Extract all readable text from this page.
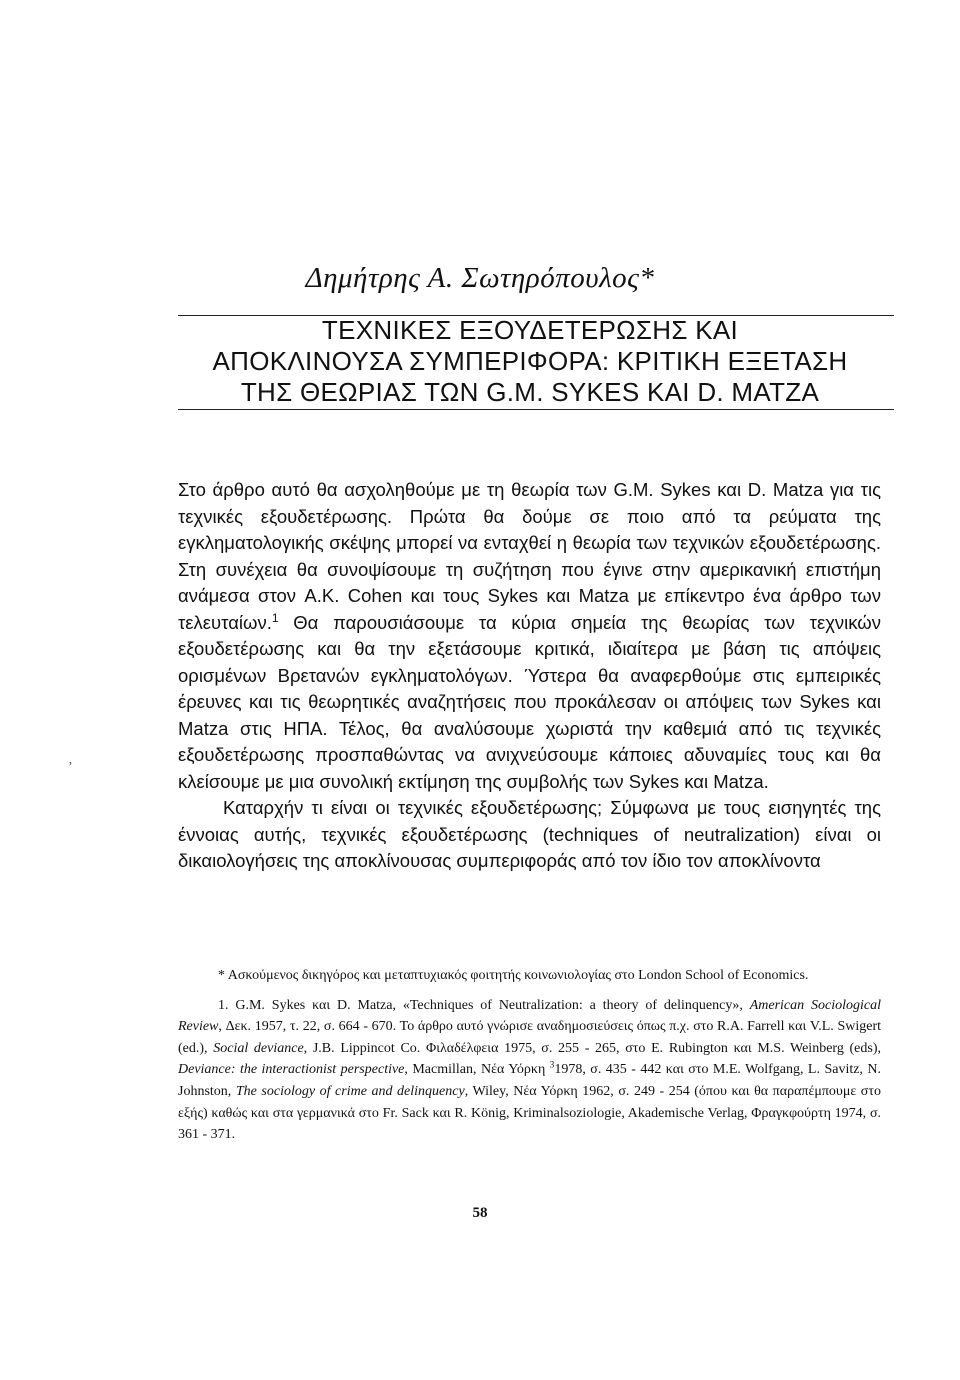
Δημήτρης Α. Σωτηρόπουλος*
ΤΕΧΝΙΚΕΣ ΕΞΟΥΔΕΤΕΡΩΣΗΣ ΚΑΙ
ΑΠΟΚΛΙΝΟΥΣΑ ΣΥΜΠΕΡΙΦΟΡΑ: ΚΡΙΤΙΚΗ ΕΞΕΤΑΣΗ
ΤΗΣ ΘΕΩΡΙΑΣ ΤΩΝ G.M. SYKES ΚΑΙ D. ΜΑΤΖΑ

Στο άρθρο αυτό θα ασχοληθούμε με τη θεωρία των G.M. Sykes και D. Matza για τις τεχνικές εξουδετέρωσης. Πρώτα θα δούμε σε ποιο από τα ρεύματα της εγκληματολογικής σκέψης μπορεί να ενταχθεί η θεωρία των τεχνικών εξουδετέρωσης. Στη συνέχεια θα συνοψίσουμε τη συζήτηση που έγινε στην αμερικανική επιστήμη ανάμεσα στον A.K. Cohen και τους Sykes και Matza με επίκεντρο ένα άρθρο των τελευταίων.$^1$ Θα παρουσιάσουμε τα κύρια σημεία της θεωρίας των τεχνικών εξουδετέρωσης και θα την εξετάσουμε κριτικά, ιδιαίτερα με βάση τις απόψεις ορισμένων Βρετανών εγκληματολόγων. Ύστερα θα αναφερθούμε στις εμπειρικές έρευνες και τις θεωρητικές αναζητήσεις που προκάλεσαν οι απόψεις των Sykes και Matza στις ΗΠΑ. Τέλος, θα αναλύσουμε χωριστά την καθεμιά από τις τεχνικές εξουδετέρωσης προσπαθώντας να ανιχνεύσουμε κάποιες αδυναμίες τους και θα κλείσουμε με μια συνολική εκτίμηση της συμβολής των Sykes και Matza.

Καταρχήν τι είναι οι τεχνικές εξουδετέρωσης; Σύμφωνα με τους εισηγητές της έννοιας αυτής, τεχνικές εξουδετέρωσης (techniques of neutralization) είναι οι δικαιολογήσεις της αποκλίνουσας συμπεριφοράς από τον ίδιο τον αποκλίνοντα

ʼ

* Ασκούμενος δικηγόρος και μεταπτυχιακός φοιτητής κοινωνιολογίας στο London School of Economics.

1. G.M. Sykes και D. Matza, «Techniques of Neutralization: a theory of delinquency», American Sociological Review, Δεκ. 1957, τ. 22, σ. 664 - 670. Το άρθρο αυτό γνώρισε αναδημοσιεύσεις όπως π.χ. στο R.A. Farrell και V.L. Swigert (ed.), Social deviance, J.B. Lippincot Co. Φιλαδέλφεια 1975, σ. 255 - 265, στο E. Rubington και M.S. Weinberg (eds), Deviance: the interactionist perspective, Macmillan, Νέα Υόρκη $^3$1978, σ. 435 - 442 και στο M.E. Wolfgang, L. Savitz, N. Johnston, The sociology of crime and delinquency, Wiley, Νέα Υόρκη 1962, σ. 249 - 254 (όπου και θα παραπέμπουμε στο εξής) καθώς και στα γερμανικά στο Fr. Sack και R. König, Kriminalsoziologie, Akademische Verlag, Φραγκφούρτη 1974, σ. 361 - 371.

58
